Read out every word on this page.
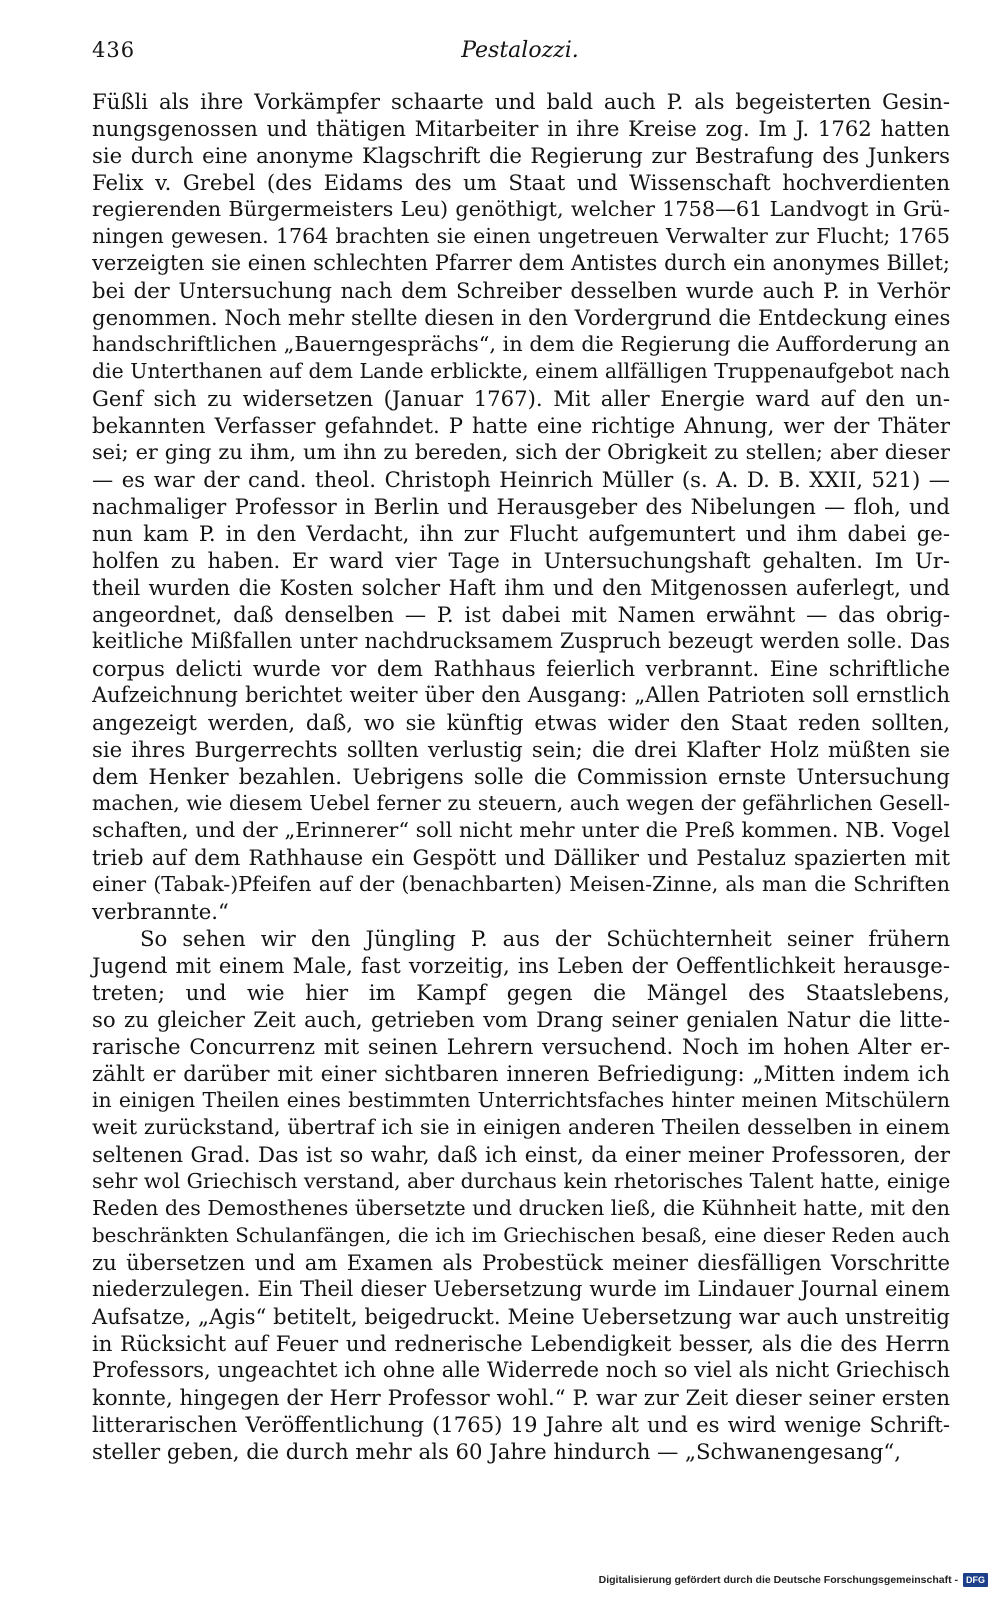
436	Pestalozzi.
Füßli als ihre Vorkämpfer schaarte und bald auch P. als begeisterten Gesin-
nungsgenossen und thätigen Mitarbeiter in ihre Kreise zog. Im J. 1762 hatten
sie durch eine anonyme Klagschrift die Regierung zur Bestrafung des Junkers
Felix v. Grebel (des Eidams des um Staat und Wissenschaft hochverdienten
regierenden Bürgermeisters Leu) genöthigt, welcher 1758—61 Landvogt in Grü-
ningen gewesen. 1764 brachten sie einen ungetreuen Verwalter zur Flucht; 1765
verzeigten sie einen schlechten Pfarrer dem Antistes durch ein anonymes Billet;
bei der Untersuchung nach dem Schreiber desselben wurde auch P. in Verhör
genommen. Noch mehr stellte diesen in den Vordergrund die Entdeckung eines
handschriftlichen „Bauerngesprächs“, in dem die Regierung die Aufforderung an
die Unterthanen auf dem Lande erblickte, einem allfälligen Truppenaufgebot nach
Genf sich zu widersetzen (Januar 1767). Mit aller Energie ward auf den un-
bekannten Verfasser gefahndet. P hatte eine richtige Ahnung, wer der Thäter
sei; er ging zu ihm, um ihn zu bereden, sich der Obrigkeit zu stellen; aber dieser
— es war der cand. theol. Christoph Heinrich Müller (s. A. D. B. XXII, 521) —
nachmaliger Professor in Berlin und Herausgeber des Nibelungen — floh, und
nun kam P. in den Verdacht, ihn zur Flucht aufgemuntert und ihm dabei ge-
holfen zu haben. Er ward vier Tage in Untersuchungshaft gehalten. Im Ur-
theil wurden die Kosten solcher Haft ihm und den Mitgenossen auferlegt, und
angeordnet, daß denselben — P. ist dabei mit Namen erwähnt — das obrig-
keitliche Mißfallen unter nachdrucksamem Zuspruch bezeugt werden solle. Das
corpus delicti wurde vor dem Rathhaus feierlich verbrannt. Eine schriftliche
Aufzeichnung berichtet weiter über den Ausgang: „Allen Patrioten soll ernstlich
angezeigt werden, daß, wo sie künftig etwas wider den Staat reden sollten,
sie ihres Burgerrechts sollten verlustig sein; die drei Klafter Holz müßten sie
dem Henker bezahlen. Uebrigens solle die Commission ernste Untersuchung
machen, wie diesem Uebel ferner zu steuern, auch wegen der gefährlichen Gesell-
schaften, und der „Erinnerer“ soll nicht mehr unter die Preß kommen. NB. Vogel
trieb auf dem Rathhause ein Gespött und Dälliker und Pestaluz spazierten mit
einer (Tabak-)Pfeifen auf der (benachbarten) Meisen-Zinne, als man die Schriften
verbrannte.“
So sehen wir den Jüngling P. aus der Schüchternheit seiner frühern
Jugend mit einem Male, fast vorzeitig, ins Leben der Oeffentlichkeit herausge-
treten; und wie hier im Kampf gegen die Mängel des Staatslebens,
so zu gleicher Zeit auch, getrieben vom Drang seiner genialen Natur die litte-
rarische Concurrenz mit seinen Lehrern versuchend. Noch im hohen Alter er-
zählt er darüber mit einer sichtbaren inneren Befriedigung: „Mitten indem ich
in einigen Theilen eines bestimmten Unterrichtsfaches hinter meinen Mitschülern
weit zurückstand, übertraf ich sie in einigen anderen Theilen desselben in einem
seltenen Grad. Das ist so wahr, daß ich einst, da einer meiner Professoren, der
sehr wol Griechisch verstand, aber durchaus kein rhetorisches Talent hatte, einige
Reden des Demosthenes übersetzte und drucken ließ, die Kühnheit hatte, mit den
beschränkten Schulanfängen, die ich im Griechischen besaß, eine dieser Reden auch
zu übersetzen und am Examen als Probestück meiner diesfälligen Vorschritte
niederzulegen. Ein Theil dieser Uebersetzung wurde im Lindauer Journal einem
Aufsatze, „Agis“ betitelt, beigedruckt. Meine Uebersetzung war auch unstreitig
in Rücksicht auf Feuer und rednerische Lebendigkeit besser, als die des Herrn
Professors, ungeachtet ich ohne alle Widerrede noch so viel als nicht Griechisch
konnte, hingegen der Herr Professor wohl.“ P. war zur Zeit dieser seiner ersten
litterarischen Veröffentlichung (1765) 19 Jahre alt und es wird wenige Schrift-
steller geben, die durch mehr als 60 Jahre hindurch — „Schwanengesang“,
Digitalisierung gefördert durch die Deutsche Forschungsgemeinschaft - DFG
